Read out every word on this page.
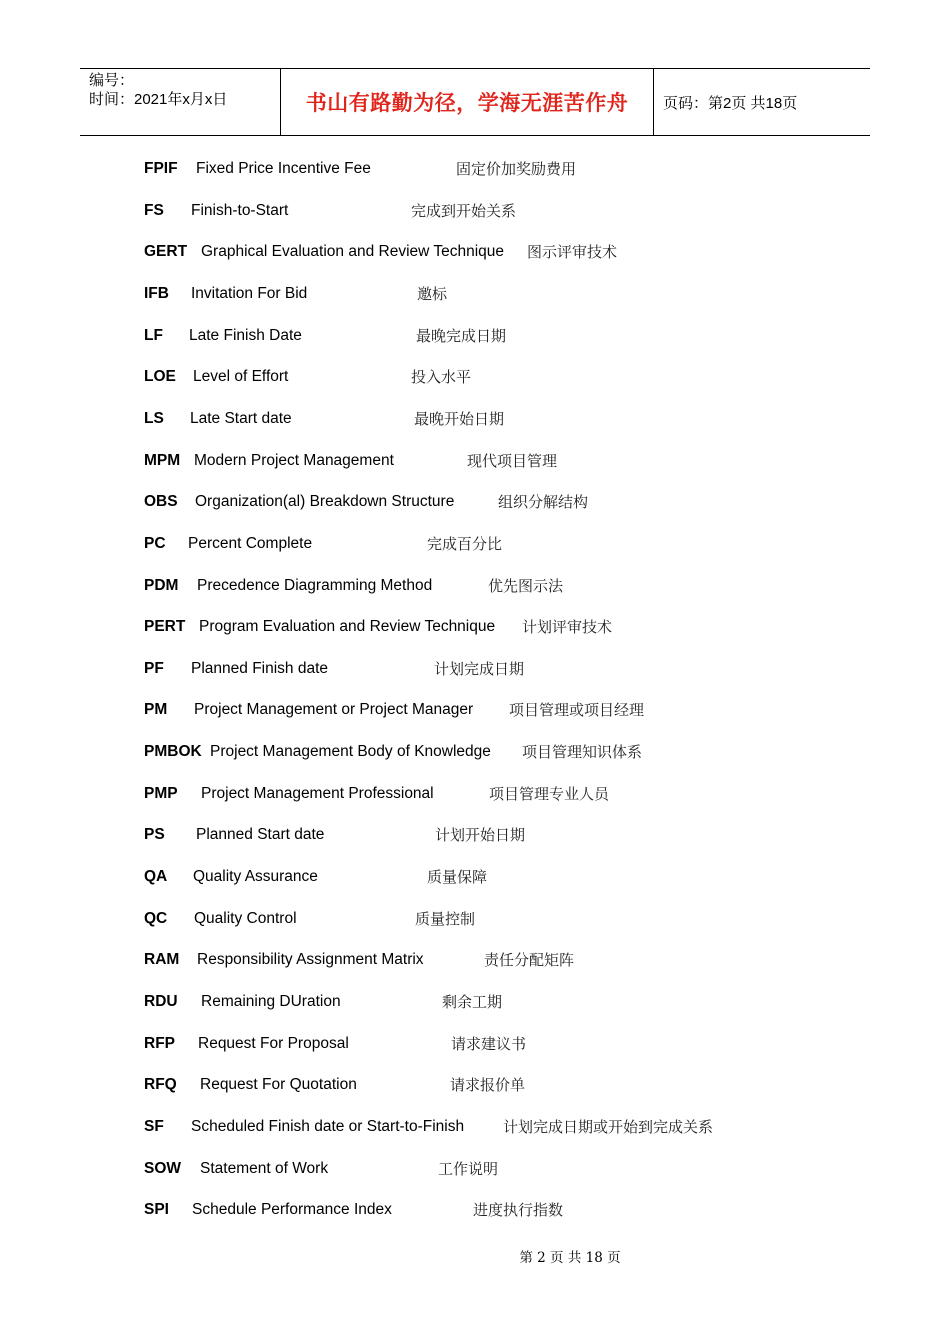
编号：
时间：2021年x月x日	书山有路勤为径，学海无涯苦作舟	页码：第2页 共18页
FPIF Fixed Price Incentive Fee	固定价加奖励费用
FS Finish-to-Start	完成到开始关系
GERT Graphical Evaluation and Review Technique 图示评审技术
IFB Invitation For Bid	邀标
LF Late Finish Date	最晚完成日期
LOE Level of Effort	投入水平
LS Late Start date	最晚开始日期
MPM Modern Project Management	现代项目管理
OBS Organization(al) Breakdown Structure	组织分解结构
PC Percent Complete	完成百分比
PDM Precedence Diagramming Method	优先图示法
PERT Program Evaluation and Review Technique 计划评审技术
PF Planned Finish date	计划完成日期
PM Project Management or Project Manager 项目管理或项目经理
PMBOK Project Management Body of Knowledge 项目管理知识体系
PMP Project Management Professional	项目管理专业人员
PS Planned Start date	计划开始日期
QA Quality Assurance	质量保障
QC Quality Control	质量控制
RAM Responsibility Assignment Matrix	责任分配矩阵
RDU Remaining DUration	剩余工期
RFP Request For Proposal	请求建议书
RFQ Request For Quotation	请求报价单
SF Scheduled Finish date or Start-to-Finish	计划完成日期或开始到完成关系
SOW Statement of Work	工作说明
SPI Schedule Performance Index	进度执行指数
第 2 页 共 18 页
